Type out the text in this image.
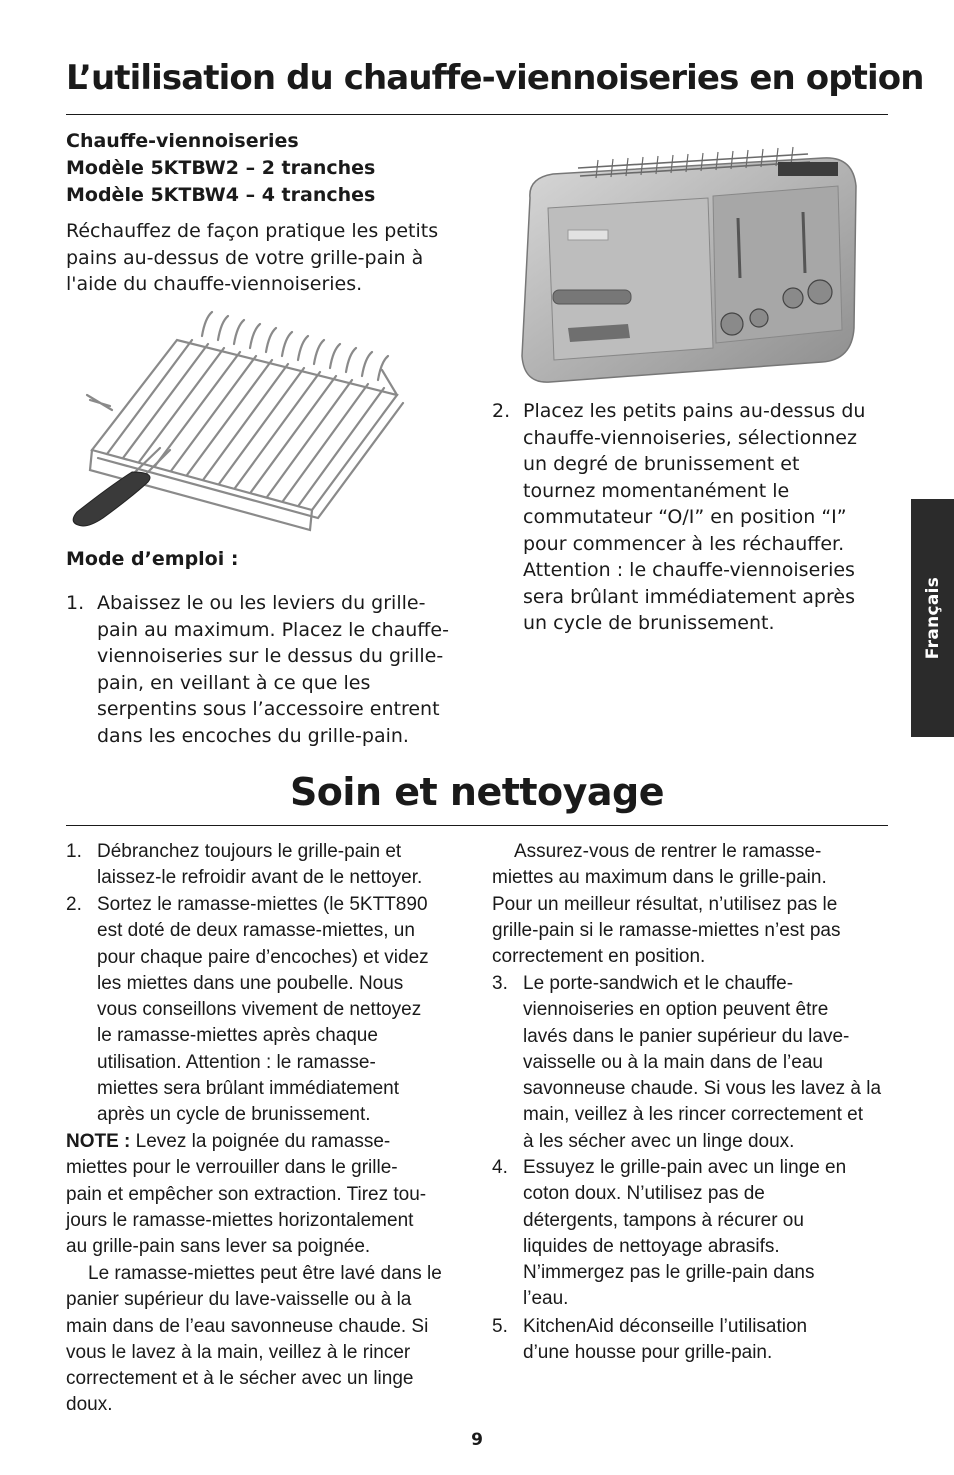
L’utilisation du chauffe-viennoiseries en option
Chauffe-viennoiseries
Modèle 5KTBW2 – 2 tranches
Modèle 5KTBW4 – 4 tranches
Réchauffez de façon pratique les petits
pains au-dessus de votre grille-pain à
l'aide du chauffe-viennoiseries.
Mode d’emploi :
1. Abaissez le ou les leviers du grille-
pain au maximum. Placez le chauffe-
viennoiseries sur le dessus du grille-
pain, en veillant à ce que les
serpentins sous l’accessoire entrent
dans les encoches du grille-pain.
2. Placez les petits pains au-dessus du
chauffe-viennoiseries, sélectionnez
un degré de brunissement et
tournez momentanément le
commutateur “O/I” en position “I”
pour commencer à les réchauffer.
Attention : le chauffe-viennoiseries
sera brûlant immédiatement après
un cycle de brunissement.	Français
Soin et nettoyage
1. Débranchez toujours le grille-pain et
laissez-le refroidir avant de le nettoyer.
2. Sortez le ramasse-miettes (le 5KTT890
est doté de deux ramasse-miettes, un
pour chaque paire d’encoches) et videz
les miettes dans une poubelle. Nous
vous conseillons vivement de nettoyez
le ramasse-miettes après chaque
utilisation. Attention : le ramasse-
miettes sera brûlant immédiatement
après un cycle de brunissement.
NOTE : Levez la poignée du ramasse-
miettes pour le verrouiller dans le grille-
pain et empêcher son extraction. Tirez tou-
jours le ramasse-miettes horizontalement
au grille-pain sans lever sa poignée.
Le ramasse-miettes peut être lavé dans le
panier supérieur du lave-vaisselle ou à la
main dans de l’eau savonneuse chaude. Si
vous le lavez à la main, veillez à le rincer
correctement et à le sécher avec un linge
doux.
Assurez-vous de rentrer le ramasse-
miettes au maximum dans le grille-pain.
Pour un meilleur résultat, n’utilisez pas le
grille-pain si le ramasse-miettes n’est pas
correctement en position.
3. Le porte-sandwich et le chauffe-
viennoiseries en option peuvent être
lavés dans le panier supérieur du lave-
vaisselle ou à la main dans de l’eau
savonneuse chaude. Si vous les lavez à la
main, veillez à les rincer correctement et
à les sécher avec un linge doux.
4. Essuyez le grille-pain avec un linge en
coton doux. N’utilisez pas de
détergents, tampons à récurer ou
liquides de nettoyage abrasifs.
N’immergez pas le grille-pain dans
l’eau.
5. KitchenAid déconseille l’utilisation
d’une housse pour grille-pain.
9
